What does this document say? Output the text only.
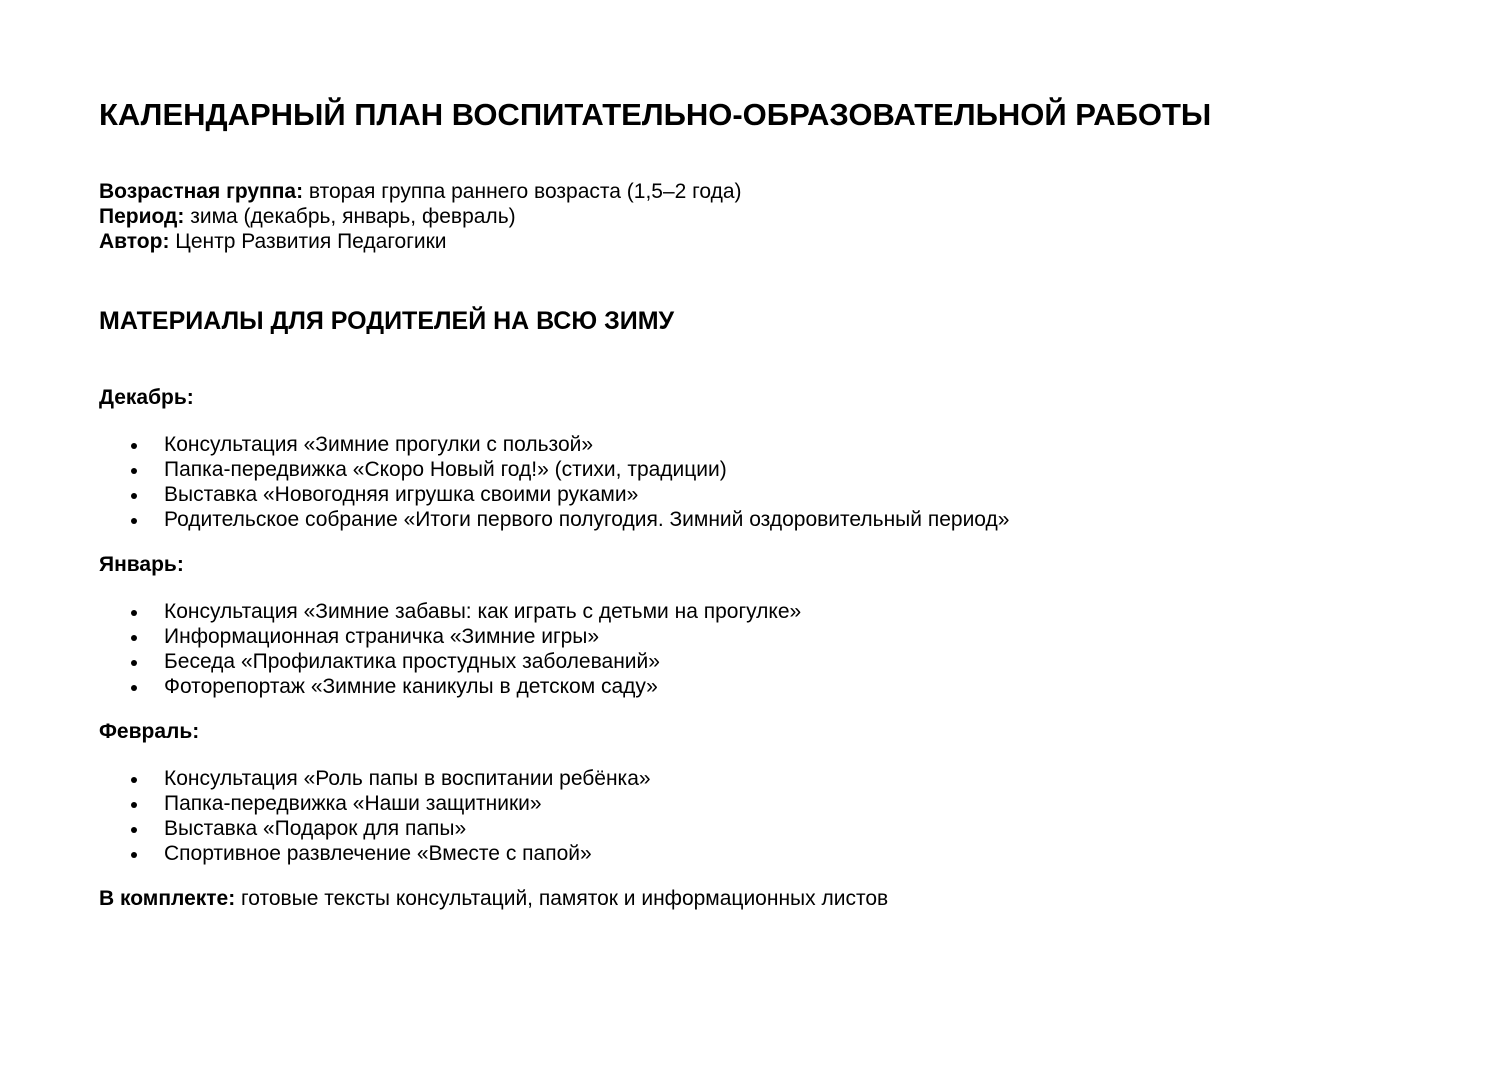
КАЛЕНДАРНЫЙ ПЛАН ВОСПИТАТЕЛЬНО-ОБРАЗОВАТЕЛЬНОЙ РАБОТЫ
Возрастная группа: вторая группа раннего возраста (1,5–2 года)
Период: зима (декабрь, январь, февраль)
Автор: Центр Развития Педагогики
МАТЕРИАЛЫ ДЛЯ РОДИТЕЛЕЙ НА ВСЮ ЗИМУ
Декабрь:
Консультация «Зимние прогулки с пользой»
Папка-передвижка «Скоро Новый год!» (стихи, традиции)
Выставка «Новогодняя игрушка своими руками»
Родительское собрание «Итоги первого полугодия. Зимний оздоровительный период»
Январь:
Консультация «Зимние забавы: как играть с детьми на прогулке»
Информационная страничка «Зимние игры»
Беседа «Профилактика простудных заболеваний»
Фоторепортаж «Зимние каникулы в детском саду»
Февраль:
Консультация «Роль папы в воспитании ребёнка»
Папка-передвижка «Наши защитники»
Выставка «Подарок для папы»
Спортивное развлечение «Вместе с папой»
В комплекте: готовые тексты консультаций, памяток и информационных листов
